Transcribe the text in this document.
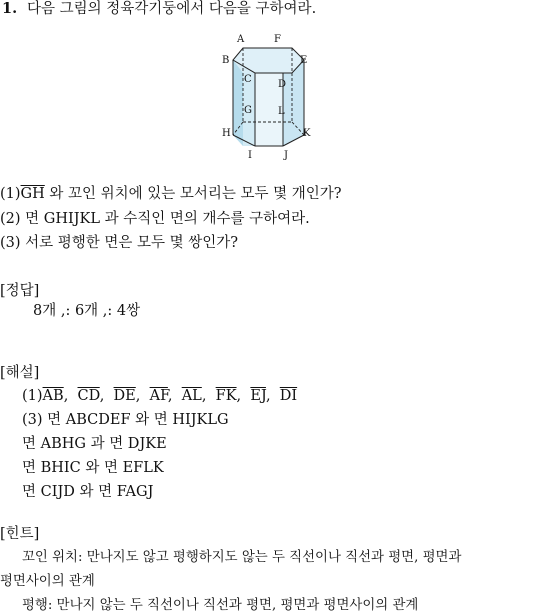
1. 다음 그림의 정육각기둥에서 다음을 구하여라.
A	F
B	E
C	D
G	L
H	K
I	J
$(1)\overline{GH}$ 와 꼬인 위치에 있는 모서리는 모두 몇 개인가?
(2) 면 GHIJKL 과 수직인 면의 개수를 구하여라.
(3) 서로 평행한 면은 모두 몇 쌍인가?
[정답]
8개 ,: 6개 ,: 4쌍
[해설]
$(1)\overline{AB}$,  $\overline{CD}$,  $\overline{DE}$,  $\overline{AF}$,  $\overline{AL}$,  $\overline{FK}$,  $\overline{EJ}$,  $\overline{DI}$
(3) 면 ABCDEF 와 면 HIJKLG
면 ABHG 과 면 DJKE
면 BHIC 와 면 EFLK
면 CIJD 와 면 FAGJ
[힌트]
꼬인 위치: 만나지도 않고 평행하지도 않는 두 직선이나 직선과 평면, 평면과
평면사이의 관계
평행: 만나지 않는 두 직선이나 직선과 평면, 평면과 평면사이의 관계
